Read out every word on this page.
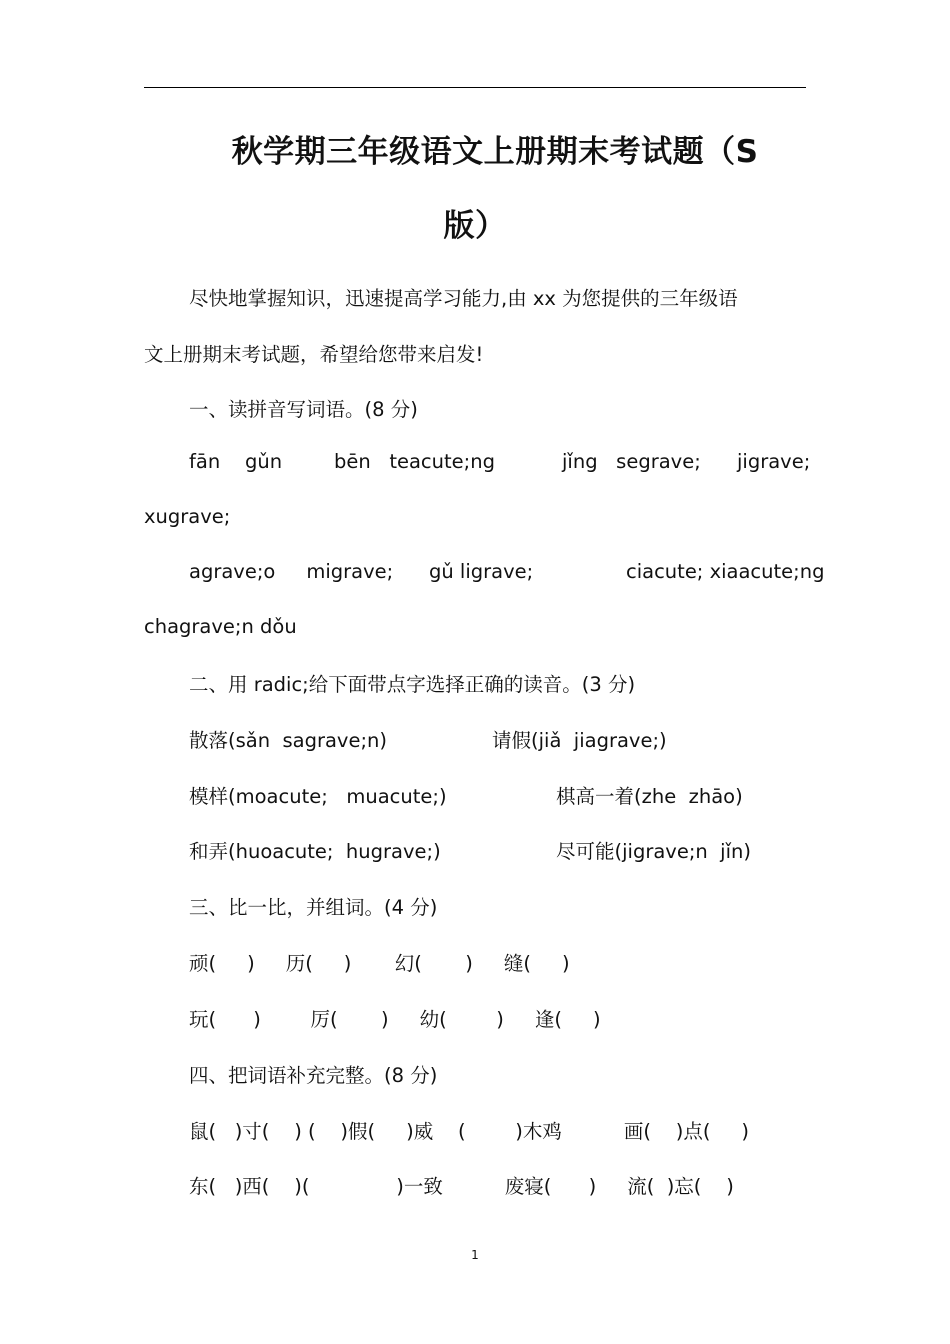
秋学期三年级语文上册期末考试题（S
版）
尽快地掌握知识，迅速提高学习能力,由 xx 为您提供的三年级语
文上册期末考试题，希望给您带来启发!
一、读拼音写词语。(8 分)
fān    gǔn	bēn   teacute;ng	jǐng   segrave; jigrave;
xugrave;
agrave;o     migrave; gǔ ligrave;	ciacute; xiaacute;ng
chagrave;n dǒu
二、用 radic;给下面带点字选择正确的读音。(3 分)
散落(sǎn  sagrave;n)	请假(jiǎ  jiagrave;)
模样(moacute;   muacute;)	棋高一着(zhe  zhāo)
和弄(huoacute;  hugrave;)	尽可能(jigrave;n  jǐn)
三、比一比，并组词。(4 分)
顽(     )     历(     )       幻(       )     缝(     )
玩(      )        厉(       )     幼(        )     逢(     )
四、把词语补充完整。(8 分)
鼠(   )寸(    ) (    )假(     )威    (        )木鸡          画(    )点(     )
东(   )西(    )(              )一致          废寝(      )     流(  )忘(    )
1
